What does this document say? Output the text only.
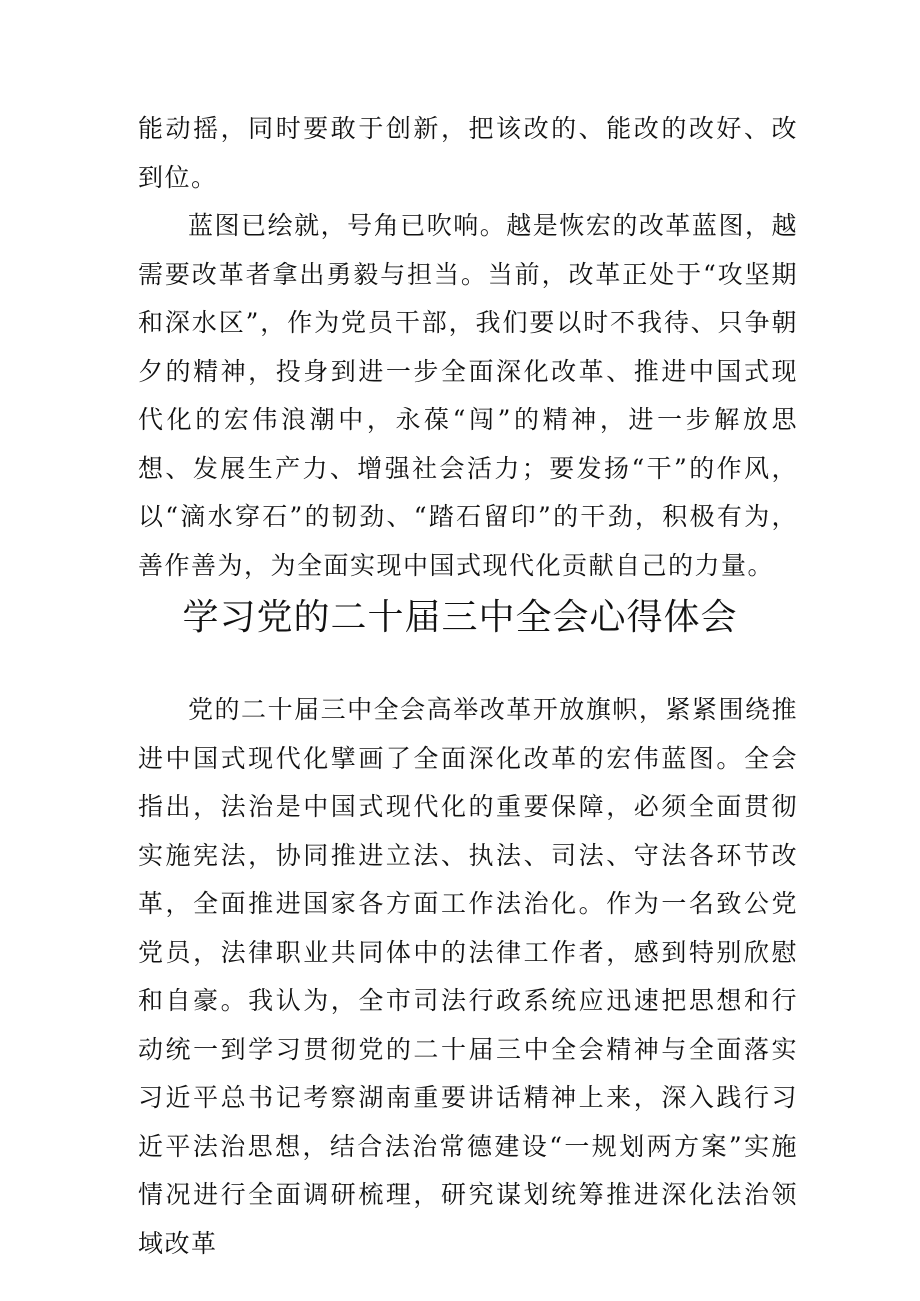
能动摇，同时要敢于创新，把该改的、能改的改好、改到位。

蓝图已绘就，号角已吹响。越是恢宏的改革蓝图，越需要改革者拿出勇毅与担当。当前，改革正处于“攻坚期和深水区”，作为党员干部，我们要以时不我待、只争朝夕的精神，投身到进一步全面深化改革、推进中国式现代化的宏伟浪潮中，永葆“闯”的精神，进一步解放思想、发展生产力、增强社会活力；要发扬“干”的作风，以“滴水穿石”的韧劲、“踏石留印”的干劲，积极有为，善作善为，为全面实现中国式现代化贡献自己的力量。

学习党的二十届三中全会心得体会

党的二十届三中全会高举改革开放旗帜，紧紧围绕推进中国式现代化擘画了全面深化改革的宏伟蓝图。全会指出，法治是中国式现代化的重要保障，必须全面贯彻实施宪法，协同推进立法、执法、司法、守法各环节改革，全面推进国家各方面工作法治化。作为一名致公党党员，法律职业共同体中的法律工作者，感到特别欣慰和自豪。我认为，全市司法行政系统应迅速把思想和行动统一到学习贯彻党的二十届三中全会精神与全面落实习近平总书记考察湖南重要讲话精神上来，深入践行习近平法治思想，结合法治常德建设“一规划两方案”实施情况进行全面调研梳理，研究谋划统筹推进深化法治领域改革
